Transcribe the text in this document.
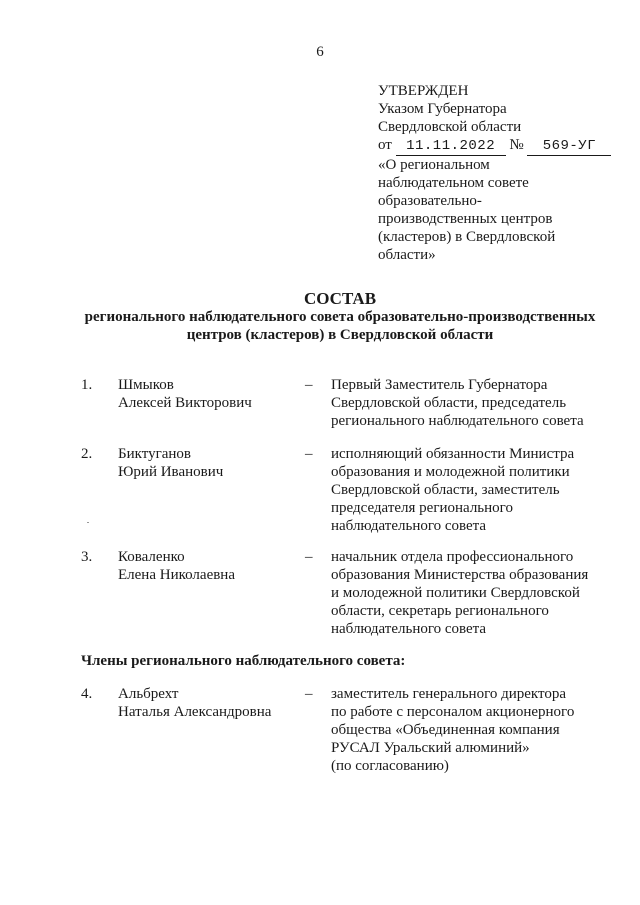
6
УТВЕРЖДЕН
Указом Губернатора
Свердловской области
от 11.11.2022 № 569-УГ
«О региональном
наблюдательном совете
образовательно-
производственных центров
(кластеров) в Свердловской
области»
СОСТАВ
регионального наблюдательного совета образовательно-производственных
центров (кластеров) в Свердловской области
1. Шмыков
Алексей Викторович
– Первый Заместитель Губернатора
Свердловской области, председатель
регионального наблюдательного совета
2. Биктуганов
Юрий Иванович
– исполняющий обязанности Министра
образования и молодежной политики
Свердловской области, заместитель
председателя регионального
наблюдательного совета
3. Коваленко
Елена Николаевна
– начальник отдела профессионального
образования Министерства образования
и молодежной политики Свердловской
области, секретарь регионального
наблюдательного совета
Члены регионального наблюдательного совета:
4. Альбрехт
Наталья Александровна
– заместитель генерального директора
по работе с персоналом акционерного
общества «Объединенная компания
РУСАЛ Уральский алюминий»
(по согласованию)
